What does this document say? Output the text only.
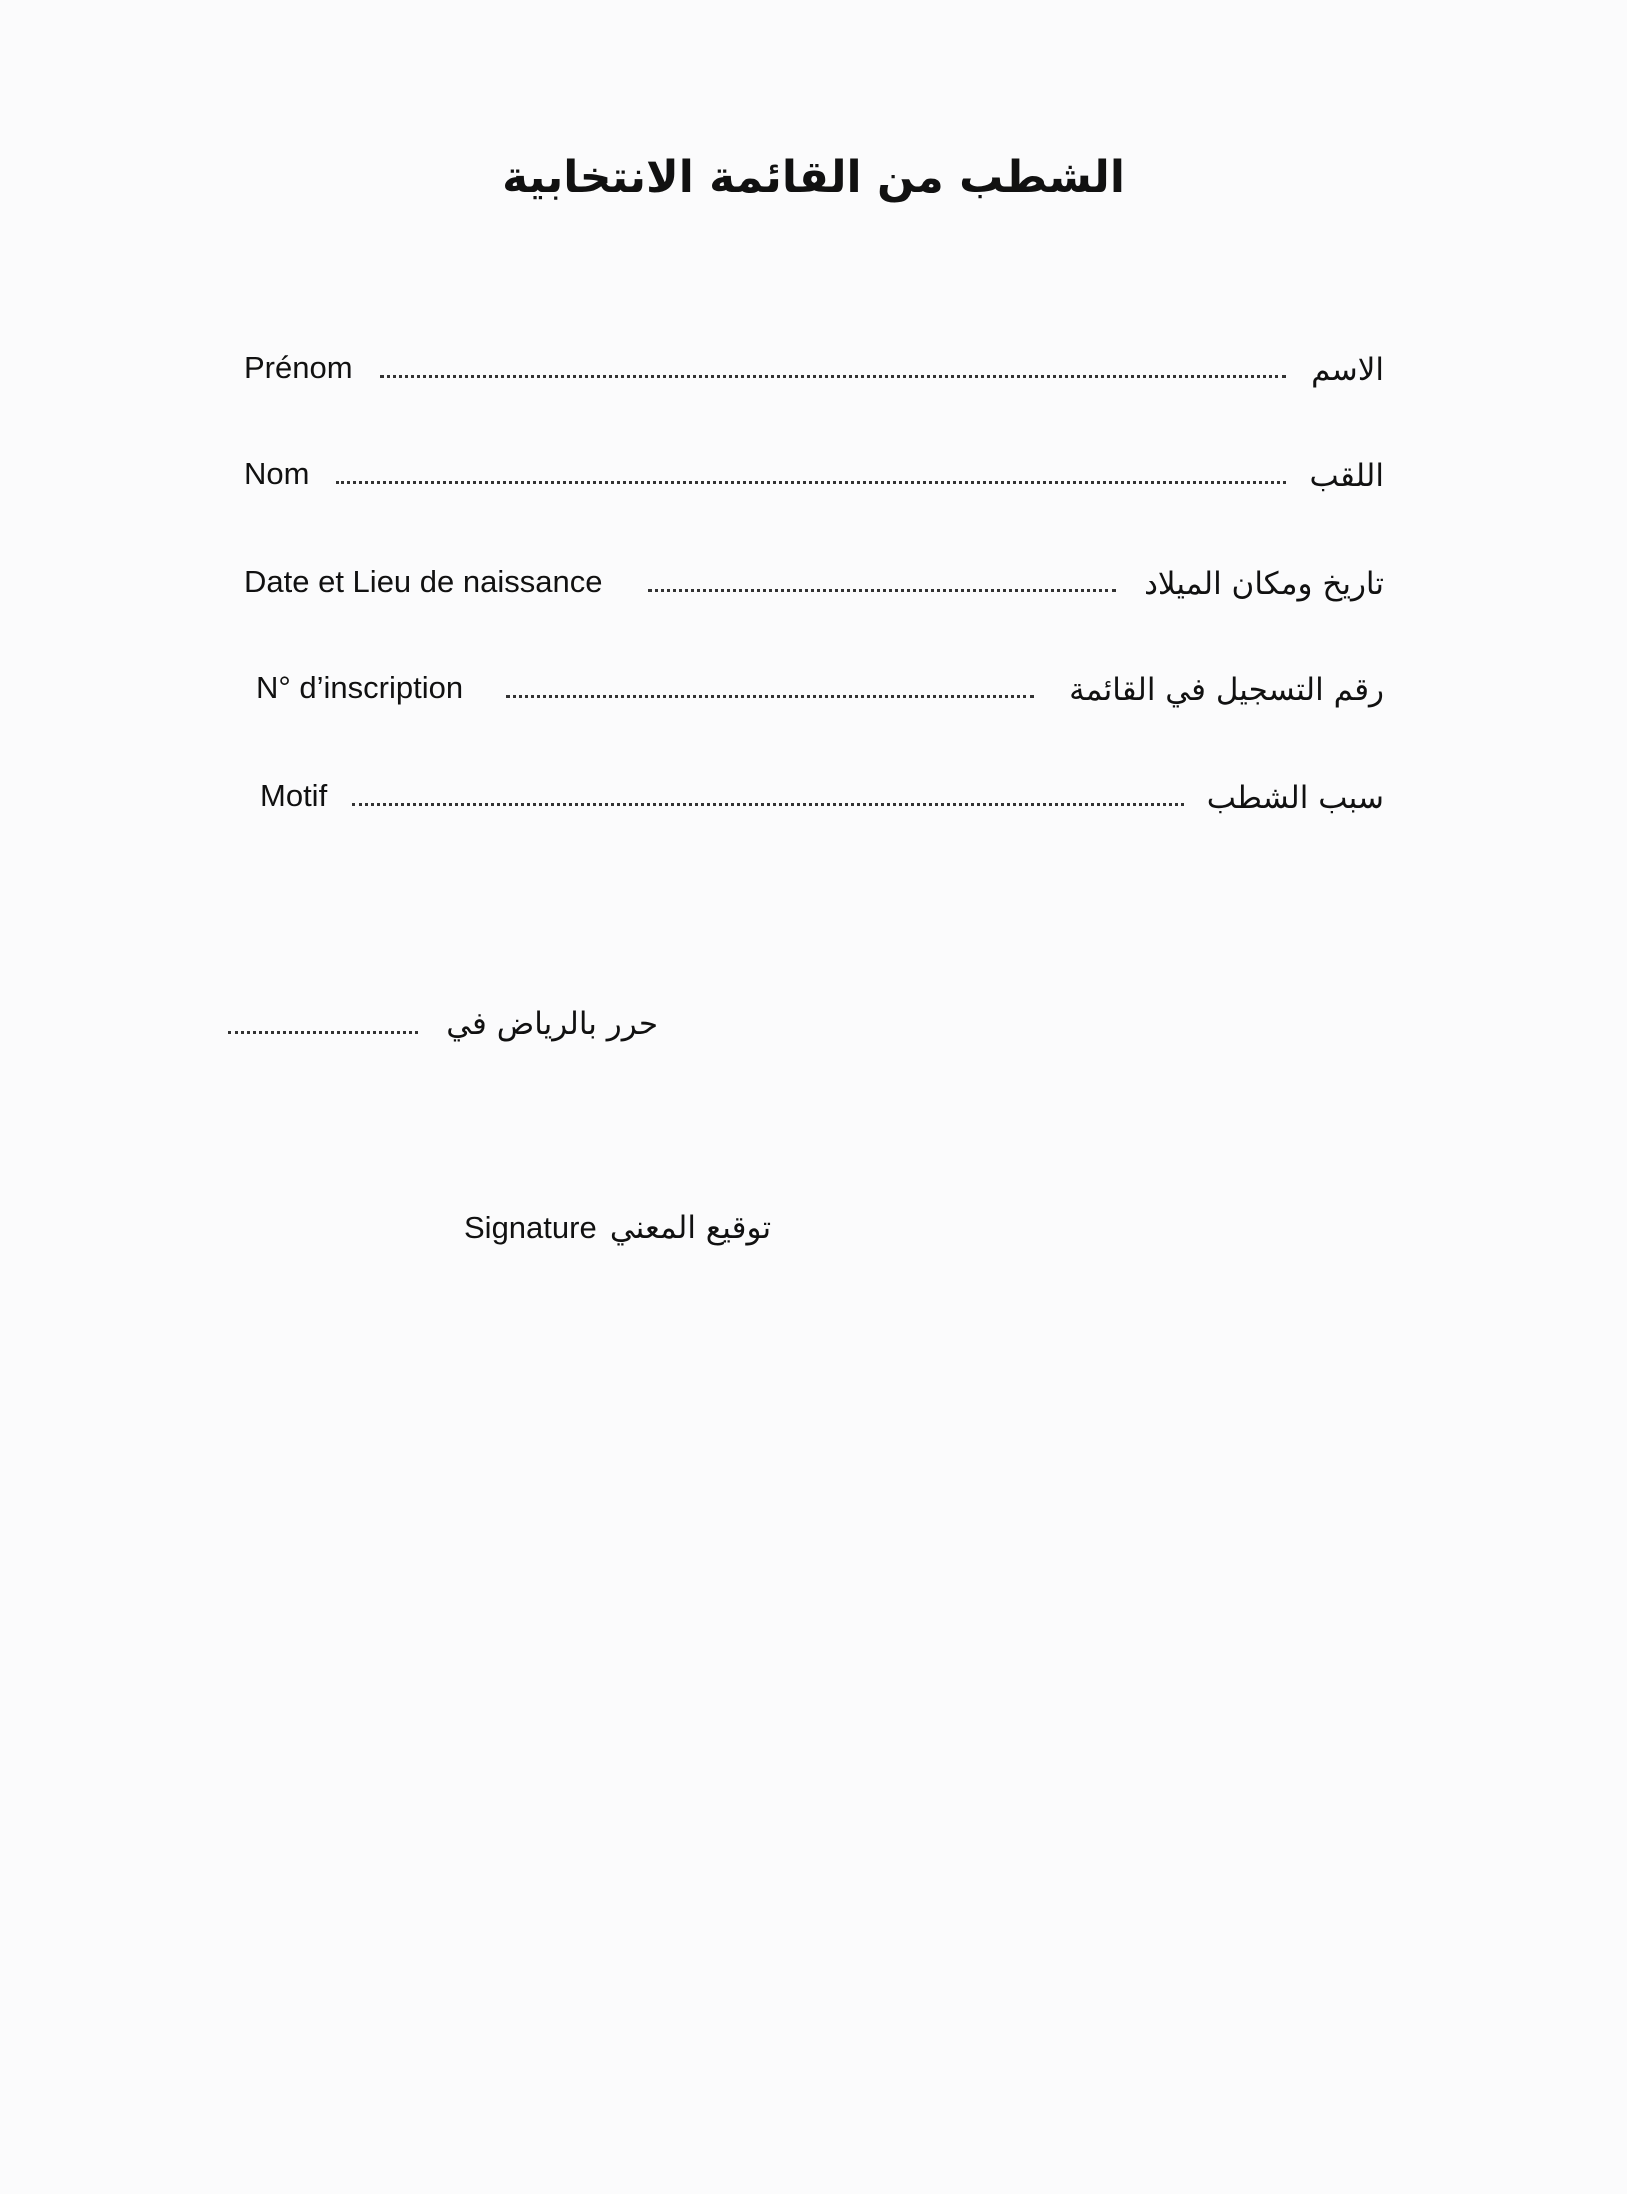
الشطب من القائمة الانتخابية
Prénom	الاسم
Nom	اللقب
Date et Lieu de naissance	تاريخ ومكان الميلاد
N° d’inscription	رقم التسجيل في القائمة
Motif	سبب الشطب
حرر بالرياض في
Signature توقيع المعني
